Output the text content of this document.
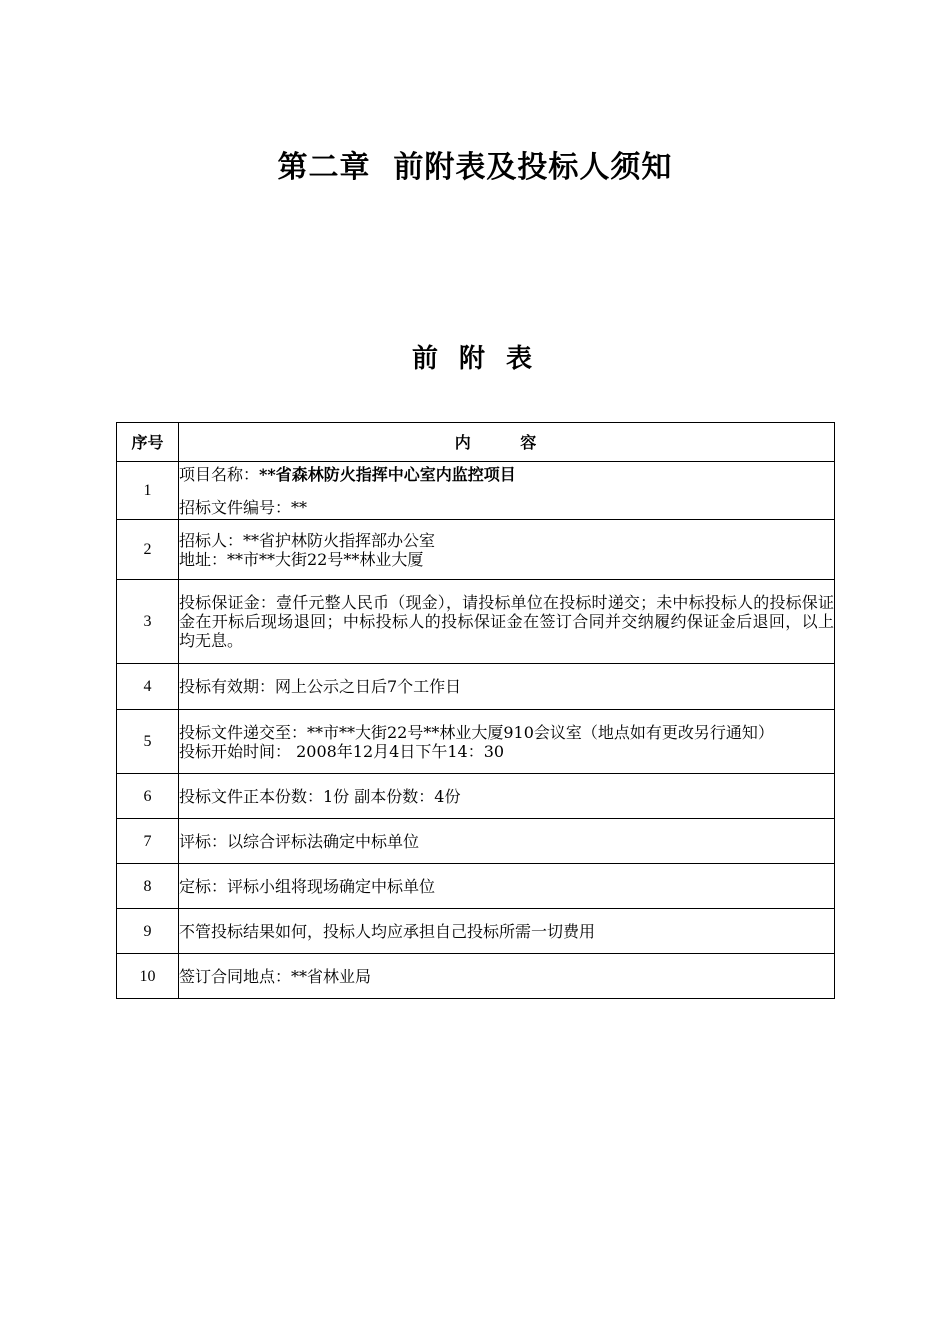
第二章  前附表及投标人须知
前 附 表
序号	内 容
1	项目名称：**省森林防火指挥中心室内监控项目
招标文件编号：**

2	招标人：**省护林防火指挥部办公室
地址：**市**大街22号**林业大厦

3	投标保证金：壹仟元整人民币（现金），请投标单位在投标时递交；未中标投标人的投标保证金在开标后现场退回；中标投标人的投标保证金在签订合同并交纳履约保证金后退回，以上均无息。

4	投标有效期：网上公示之日后7个工作日

5	投标文件递交至：**市**大街22号**林业大厦910会议室（地点如有更改另行通知）
投标开始时间： 2008年12月4日下午14：30

6	投标文件正本份数：1份 副本份数：4份

7	评标：以综合评标法确定中标单位

8	定标：评标小组将现场确定中标单位

9	不管投标结果如何，投标人均应承担自己投标所需一切费用

10	签订合同地点：**省林业局
